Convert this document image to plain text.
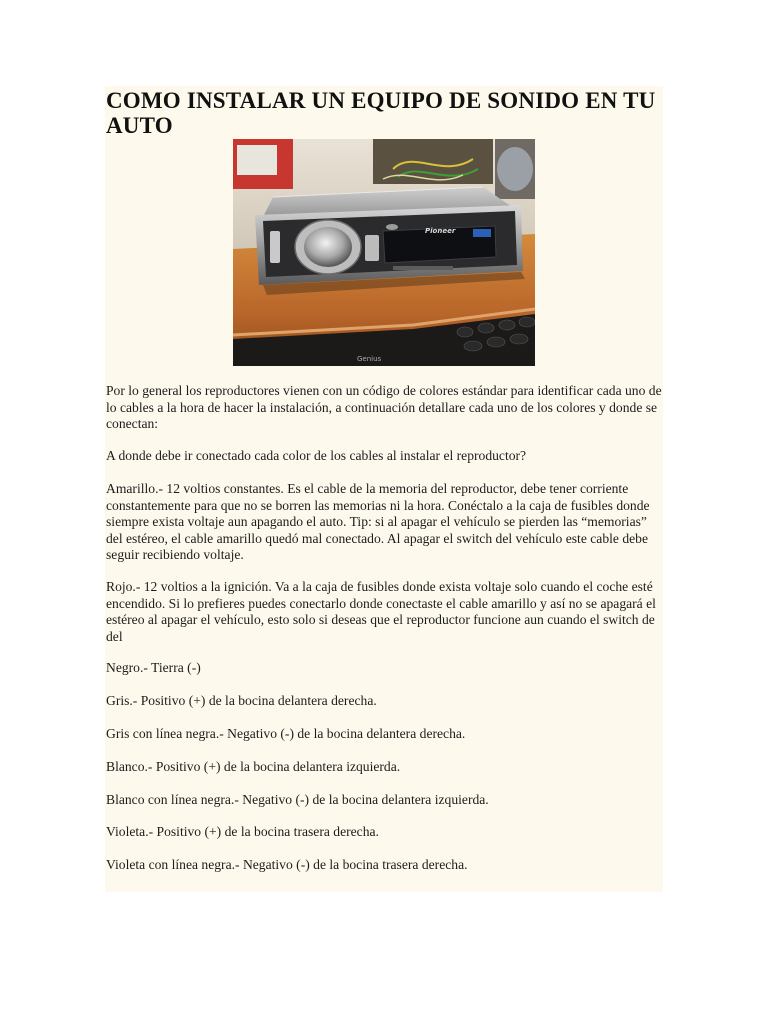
COMO INSTALAR UN EQUIPO DE SONIDO EN TU AUTO
Genius
Pioneer

Por lo general los reproductores vienen con un código de colores estándar para identificar cada uno de lo cables a la hora de hacer la instalación, a continuación detallare cada uno de los colores y donde se conectan:

A donde debe ir conectado cada color de los cables al instalar el reproductor?

Amarillo.- 12 voltios constantes. Es el cable de la memoria del reproductor, debe tener corriente constantemente para que no se borren las memorias ni la hora. Conéctalo a la caja de fusibles donde siempre exista voltaje aun apagando el auto. Tip: si al apagar el vehículo se pierden las “memorias” del estéreo, el cable amarillo quedó mal conectado. Al apagar el switch del vehículo este cable debe seguir recibiendo voltaje.

Rojo.- 12 voltios a la ignición. Va a la caja de fusibles donde exista voltaje solo cuando el coche esté encendido. Si lo prefieres puedes conectarlo donde conectaste el cable amarillo y así no se apagará el estéreo al apagar el vehículo, esto solo si deseas que el reproductor funcione aun cuando el switch de del

Negro.- Tierra (-)

Gris.- Positivo (+) de la bocina delantera derecha.

Gris con línea negra.- Negativo (-) de la bocina delantera derecha.

Blanco.- Positivo (+) de la bocina delantera izquierda.

Blanco con línea negra.- Negativo (-) de la bocina delantera izquierda.

Violeta.- Positivo (+) de la bocina trasera derecha.

Violeta con línea negra.- Negativo (-) de la bocina trasera derecha.
